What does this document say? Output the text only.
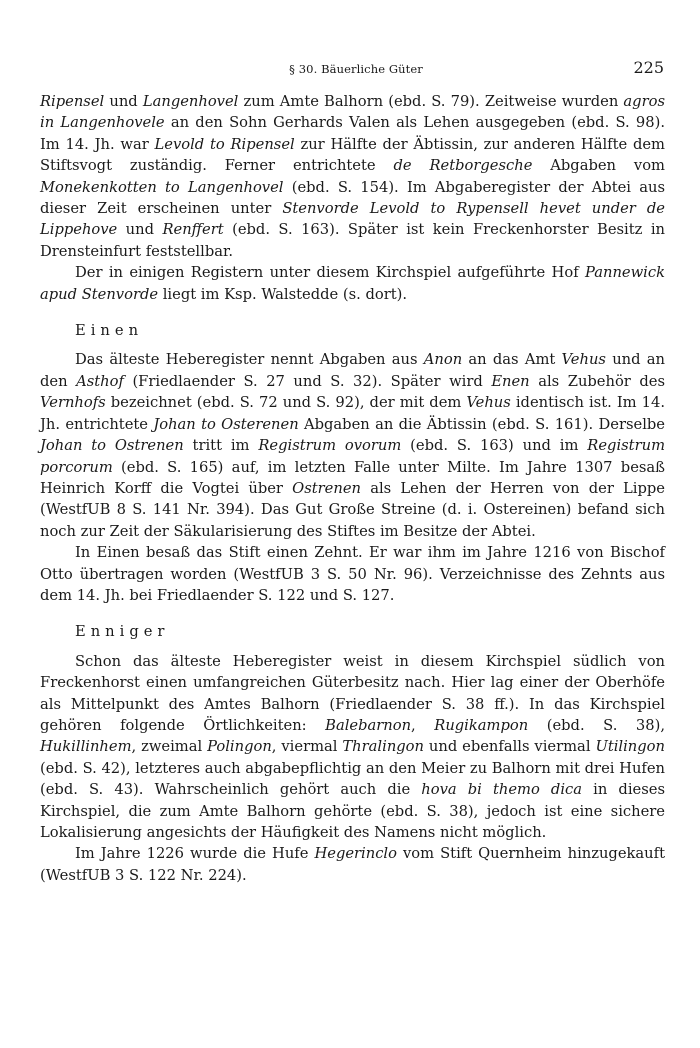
§ 30. Bäuerliche Güter	225

Ripensel und Langenhovel zum Amte Balhorn (ebd. S. 79). Zeitweise wurden agros in Langenhovele an den Sohn Gerhards Valen als Lehen ausgegeben (ebd. S. 98). Im 14. Jh. war Levold to Ripensel zur Hälfte der Äbtissin, zur anderen Hälfte dem Stiftsvogt zuständig. Ferner entrichtete de Retborgesche Abgaben vom Monekenkotten to Langenhovel (ebd. S. 154). Im Abgaberegister der Abtei aus dieser Zeit erscheinen unter Stenvorde Levold to Rypensell hevet under de Lippehove und Renffert (ebd. S. 163). Später ist kein Freckenhorster Besitz in Drensteinfurt feststellbar.

Der in einigen Registern unter diesem Kirchspiel aufgeführte Hof Pannewick apud Stenvorde liegt im Ksp. Walstedde (s. dort).

Einen

Das älteste Heberegister nennt Abgaben aus Anon an das Amt Vehus und an den Asthof (Friedlaender S. 27 und S. 32). Später wird Enen als Zubehör des Vernhofs bezeichnet (ebd. S. 72 und S. 92), der mit dem Vehus identisch ist. Im 14. Jh. entrichtete Johan to Osterenen Abgaben an die Äbtissin (ebd. S. 161). Derselbe Johan to Ostrenen tritt im Registrum ovorum (ebd. S. 163) und im Registrum porcorum (ebd. S. 165) auf, im letzten Falle unter Milte. Im Jahre 1307 besaß Heinrich Korff die Vogtei über Ostrenen als Lehen der Herren von der Lippe (WestfUB 8 S. 141 Nr. 394). Das Gut Große Streine (d. i. Ostereinen) befand sich noch zur Zeit der Säkularisierung des Stiftes im Besitze der Abtei.

In Einen besaß das Stift einen Zehnt. Er war ihm im Jahre 1216 von Bischof Otto übertragen worden (WestfUB 3 S. 50 Nr. 96). Verzeichnisse des Zehnts aus dem 14. Jh. bei Friedlaender S. 122 und S. 127.

Enniger

Schon das älteste Heberegister weist in diesem Kirchspiel südlich von Freckenhorst einen umfangreichen Güterbesitz nach. Hier lag einer der Oberhöfe als Mittelpunkt des Amtes Balhorn (Friedlaender S. 38 ff.). In das Kirchspiel gehören folgende Örtlichkeiten: Balebarnon, Rugikampon (ebd. S. 38), Hukillinhem, zweimal Polingon, viermal Thralingon und ebenfalls viermal Utilingon (ebd. S. 42), letzteres auch abgabepflichtig an den Meier zu Balhorn mit drei Hufen (ebd. S. 43). Wahrscheinlich gehört auch die hova bi themo dica in dieses Kirchspiel, die zum Amte Balhorn gehörte (ebd. S. 38), jedoch ist eine sichere Lokalisierung angesichts der Häufigkeit des Namens nicht möglich.

Im Jahre 1226 wurde die Hufe Hegerinclo vom Stift Quernheim hinzugekauft (WestfUB 3 S. 122 Nr. 224).
